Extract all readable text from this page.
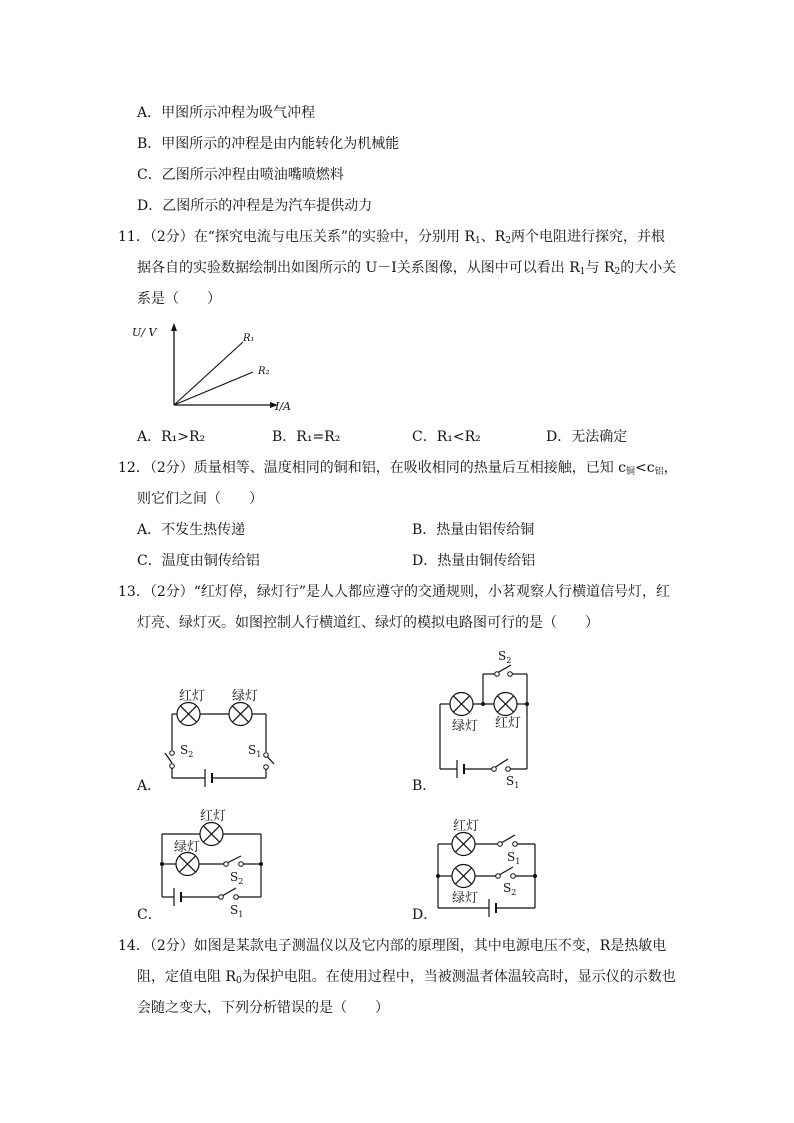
A．甲图所示冲程为吸气冲程
B．甲图所示的冲程是由内能转化为机械能
C．乙图所示冲程由喷油嘴喷燃料
D．乙图所示的冲程是为汽车提供动力
11．（2分）在“探究电流与电压关系”的实验中，分别用 $R_1$、$R_2$两个电阻进行探究，并根
据各自的实验数据绘制出如图所示的 U－I关系图像，从图中可以看出 $R_1$与 $R_2$的大小关
系是（　　）
U/ V
I/A
R₁
R₂
A．R₁>R₂	B．R₁=R₂	C．R₁<R₂	D．无法确定
12．（2分）质量相等、温度相同的铜和铝，在吸收相同的热量后互相接触，已知 $c_铜<c_铝$，
则它们之间（　　）
A．不发生热传递	B．热量由铝传给铜
C．温度由铜传给铝	D．热量由铜传给铝
13．（2分）“红灯停，绿灯行”是人人都应遵守的交通规则，小茗观察人行横道信号灯，红
灯亮、绿灯灭。如图控制人行横道红、绿灯的模拟电路图可行的是（　　）
红灯 绿灯
$S_2$	$S_1$
A．
$S_2$
绿灯 红灯
$S_1$
B．
红灯
绿灯
$S_2$
$S_1$
C．
红灯
$S_1$
绿灯
$S_2$
D．
14．（2分）如图是某款电子测温仪以及它内部的原理图，其中电源电压不变，R是热敏电
阻，定值电阻 $R_0$为保护电阻。在使用过程中，当被测温者体温较高时，显示仪的示数也
会随之变大，下列分析错误的是（　　）
